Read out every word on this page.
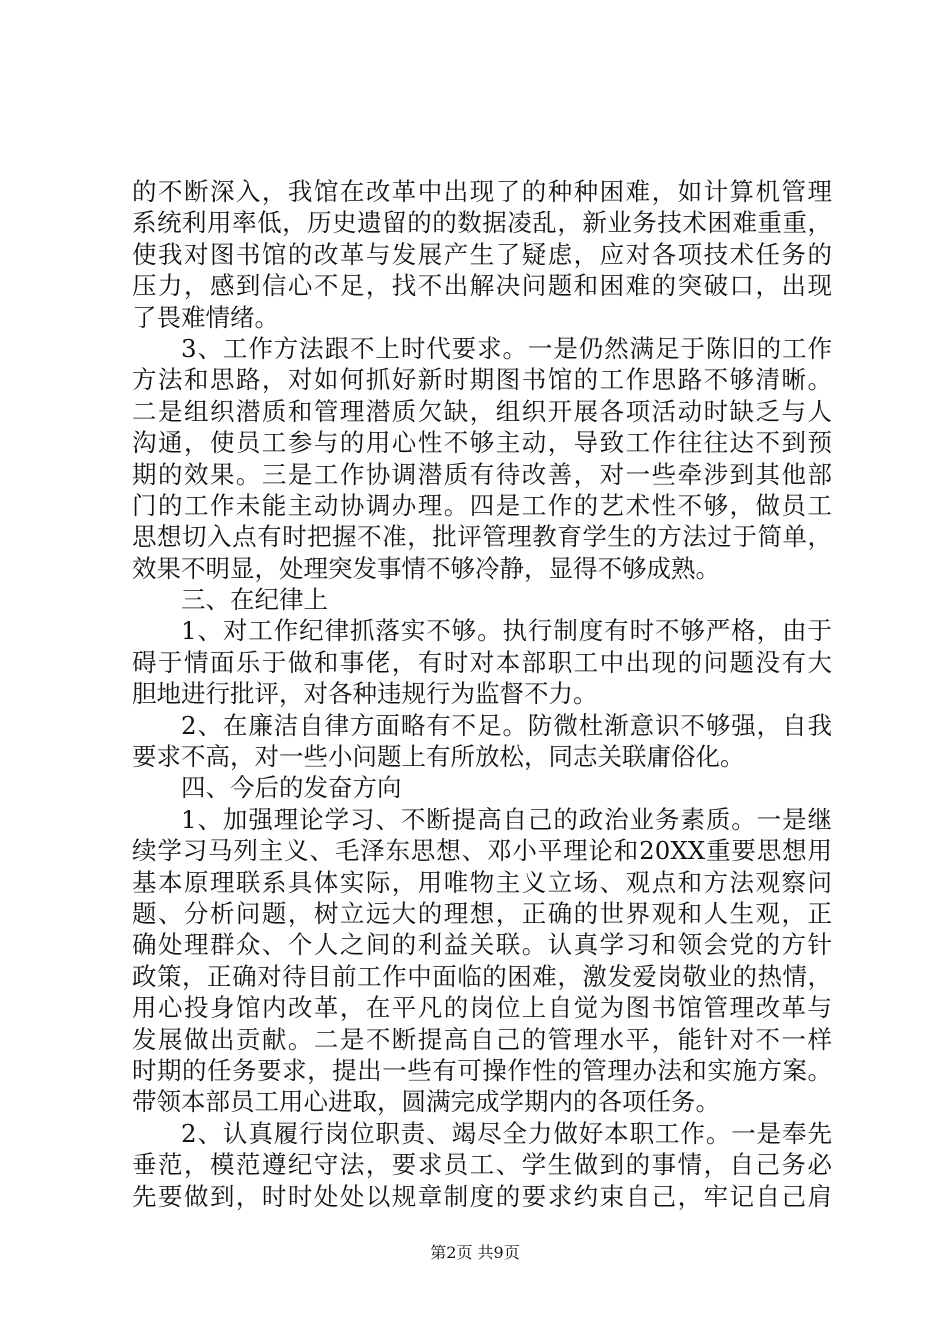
的不断深入，我馆在改革中出现了的种种困难，如计算机管理
系统利用率低，历史遗留的的数据凌乱，新业务技术困难重重，
使我对图书馆的改革与发展产生了疑虑，应对各项技术任务的
压力，感到信心不足，找不出解决问题和困难的突破口，出现
了畏难情绪。
3、工作方法跟不上时代要求。一是仍然满足于陈旧的工作
方法和思路，对如何抓好新时期图书馆的工作思路不够清晰。
二是组织潜质和管理潜质欠缺，组织开展各项活动时缺乏与人
沟通，使员工参与的用心性不够主动，导致工作往往达不到预
期的效果。三是工作协调潜质有待改善，对一些牵涉到其他部
门的工作未能主动协调办理。四是工作的艺术性不够，做员工
思想切入点有时把握不准，批评管理教育学生的方法过于简单，
效果不明显，处理突发事情不够冷静，显得不够成熟。
三、在纪律上
1、对工作纪律抓落实不够。执行制度有时不够严格，由于
碍于情面乐于做和事佬，有时对本部职工中出现的问题没有大
胆地进行批评，对各种违规行为监督不力。
2、在廉洁自律方面略有不足。防微杜渐意识不够强，自我
要求不高，对一些小问题上有所放松，同志关联庸俗化。
四、今后的发奋方向
1、加强理论学习、不断提高自己的政治业务素质。一是继
续学习马列主义、毛泽东思想、邓小平理论和20XX重要思想用
基本原理联系具体实际，用唯物主义立场、观点和方法观察问
题、分析问题，树立远大的理想，正确的世界观和人生观，正
确处理群众、个人之间的利益关联。认真学习和领会党的方针
政策，正确对待目前工作中面临的困难，激发爱岗敬业的热情，
用心投身馆内改革，在平凡的岗位上自觉为图书馆管理改革与
发展做出贡献。二是不断提高自己的管理水平，能针对不一样
时期的任务要求，提出一些有可操作性的管理办法和实施方案。
带领本部员工用心进取，圆满完成学期内的各项任务。
2、认真履行岗位职责、竭尽全力做好本职工作。一是奉先
垂范，模范遵纪守法，要求员工、学生做到的事情，自己务必
先要做到，时时处处以规章制度的要求约束自己，牢记自己肩
第2页 共9页
